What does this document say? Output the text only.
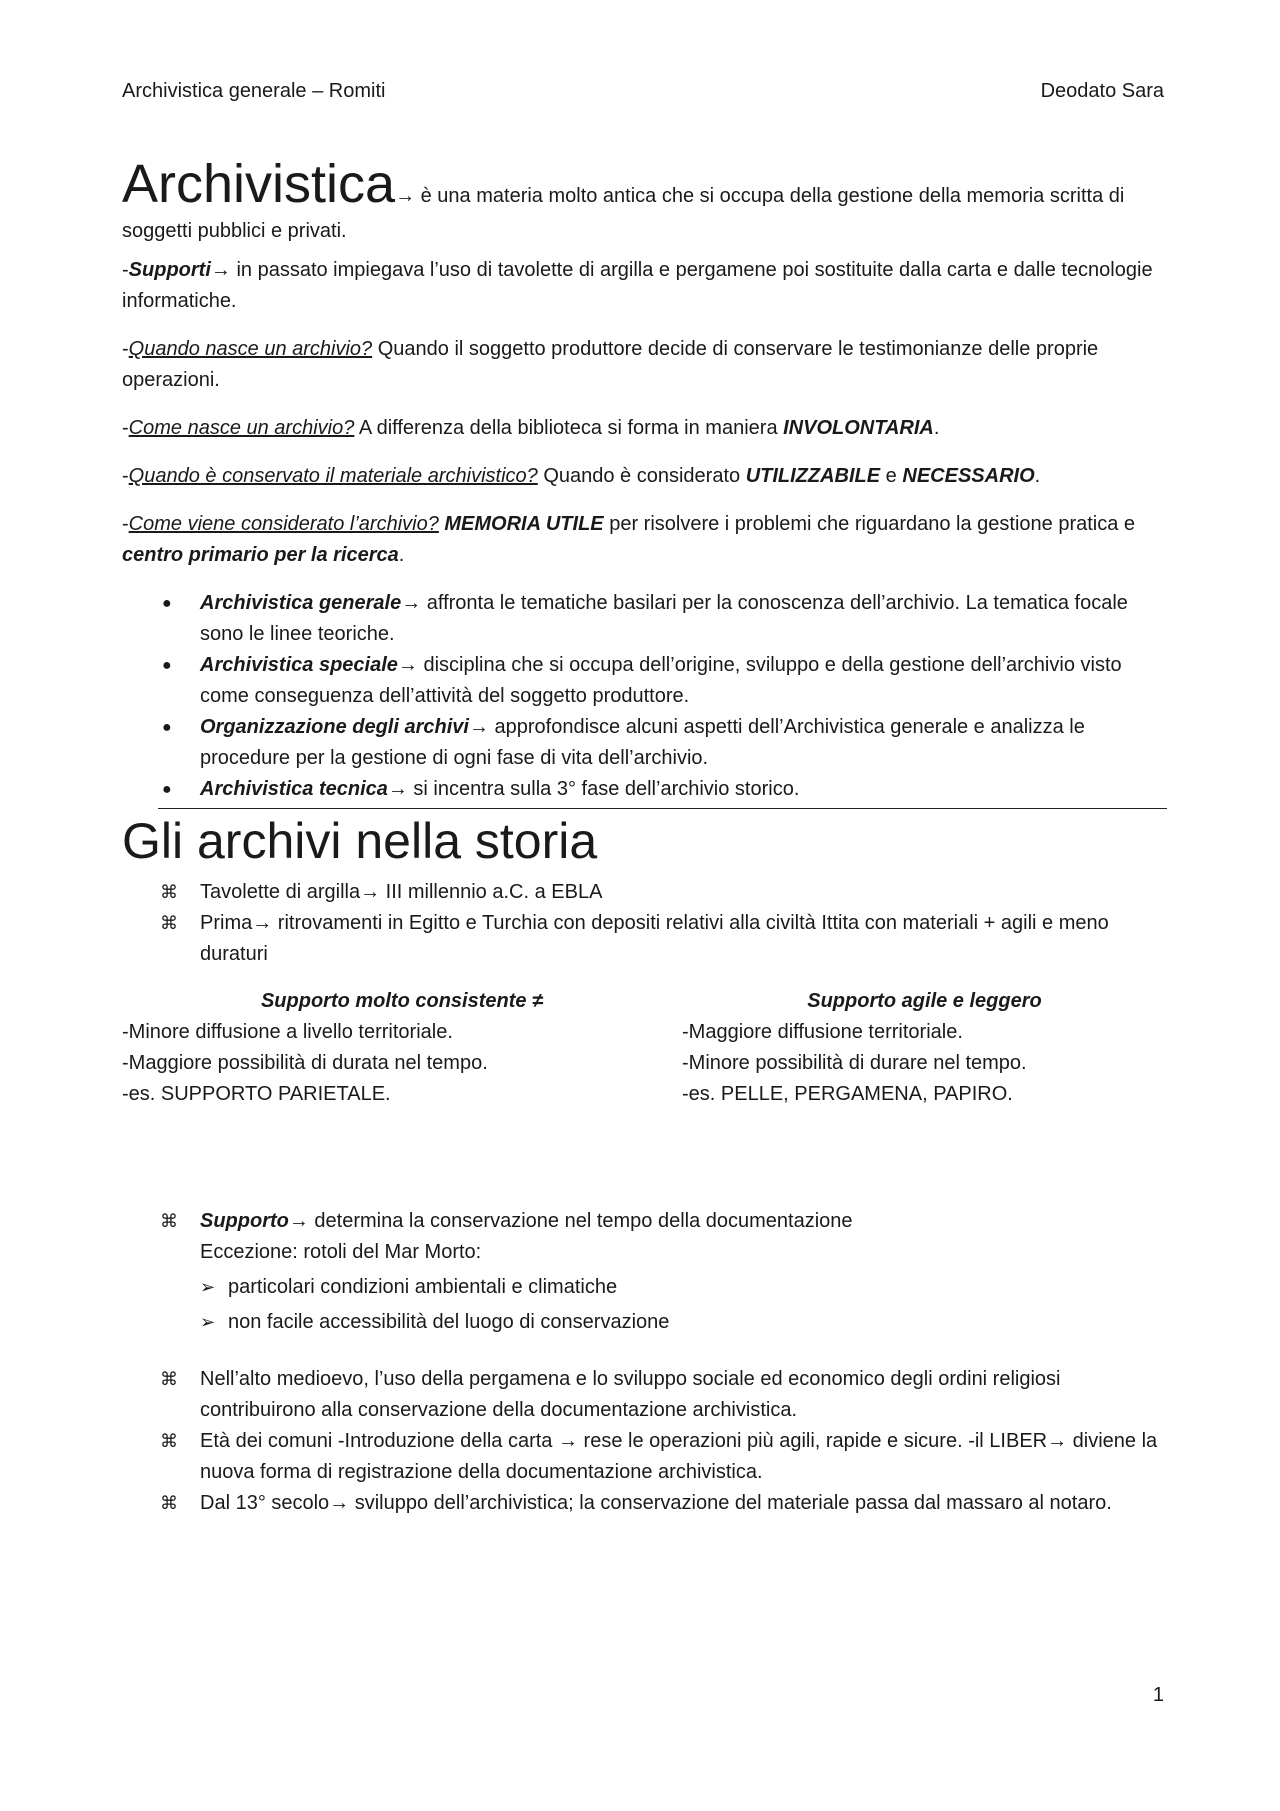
Archivistica generale – Romiti	Deodato Sara

Archivistica→ è una materia molto antica che si occupa della gestione della memoria scritta di soggetti pubblici e privati.

-Supporti→ in passato impiegava l’uso di tavolette di argilla e pergamene poi sostituite dalla carta e dalle tecnologie informatiche.

-Quando nasce un archivio? Quando il soggetto produttore decide di conservare le testimonianze delle proprie operazioni.

-Come nasce un archivio? A differenza della biblioteca si forma in maniera INVOLONTARIA.

-Quando è conservato il materiale archivistico? Quando è considerato UTILIZZABILE e NECESSARIO.

-Come viene considerato l’archivio? MEMORIA UTILE per risolvere i problemi che riguardano la gestione pratica e centro primario per la ricerca.

● Archivistica generale→ affronta le tematiche basilari per la conoscenza dell’archivio. La tematica focale sono le linee teoriche.
● Archivistica speciale→ disciplina che si occupa dell’origine, sviluppo e della gestione dell’archivio visto come conseguenza dell’attività del soggetto produttore.
● Organizzazione degli archivi→ approfondisce alcuni aspetti dell’Archivistica generale e analizza le procedure per la gestione di ogni fase di vita dell’archivio.
● Archivistica tecnica→ si incentra sulla 3° fase dell’archivio storico.
Gli archivi nella storia
⌘ Tavolette di argilla→ III millennio a.C. a EBLA
⌘ Prima→ ritrovamenti in Egitto e Turchia con depositi relativi alla civiltà Ittita con materiali + agili e meno duraturi
Supporto molto consistente ≠
-Minore diffusione a livello territoriale.
-Maggiore possibilità di durata nel tempo.
-es. SUPPORTO PARIETALE.
Supporto agile e leggero
-Maggiore diffusione territoriale.
-Minore possibilità di durare nel tempo.
-es. PELLE, PERGAMENA, PAPIRO.
⌘ Supporto→ determina la conservazione nel tempo della documentazione
Eccezione: rotoli del Mar Morto:
➢ particolari condizioni ambientali e climatiche
➢ non facile accessibilità del luogo di conservazione
⌘ Nell’alto medioevo, l’uso della pergamena e lo sviluppo sociale ed economico degli ordini religiosi contribuirono alla conservazione della documentazione archivistica.
⌘ Età dei comuni -Introduzione della carta → rese le operazioni più agili, rapide e sicure. -il LIBER→ diviene la nuova forma di registrazione della documentazione archivistica.
⌘ Dal 13° secolo→ sviluppo dell’archivistica; la conservazione del materiale passa dal massaro al notaro.
1
